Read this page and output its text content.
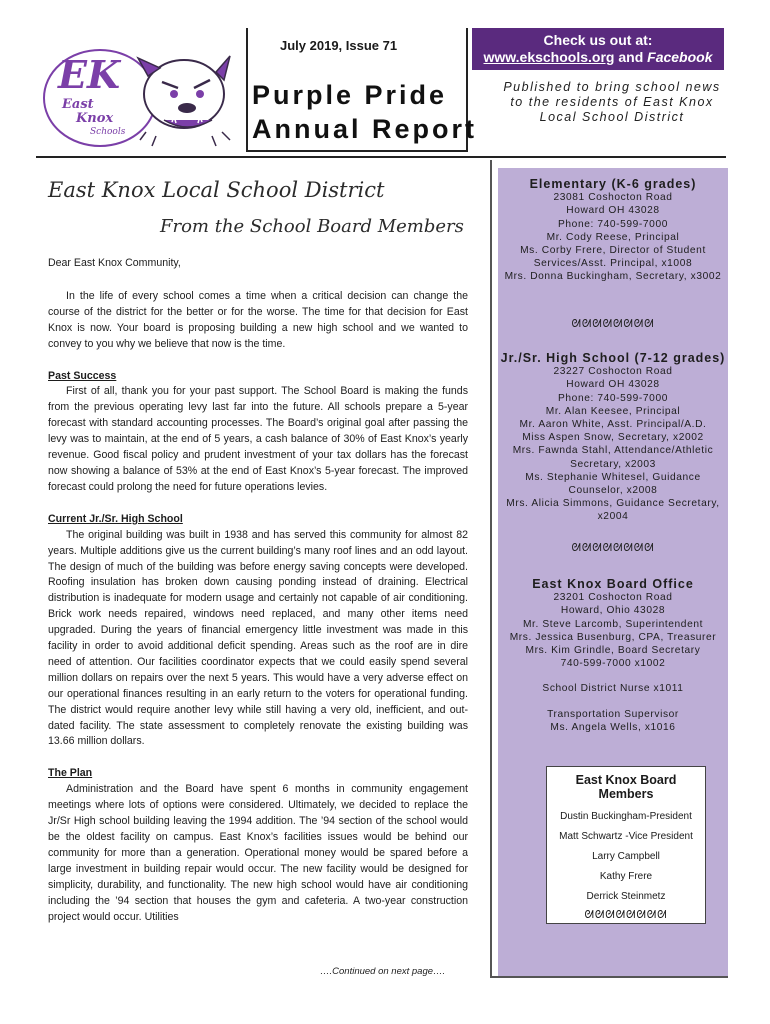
EK
East
Knox
Schools
July 2019, Issue 71
Purple Pride
Annual Report
Check us out at:
www.ekschools.org and Facebook
Published to bring school news to the residents of East Knox Local School District
East Knox Local School District
From the School Board Members

Dear East Knox Community,

In the life of every school comes a time when a critical decision can change the course of the district for the better or for the worse. The time for that decision for East Knox is now. Your board is proposing building a new high school and we wanted to convey to you why we believe that now is the time.

Past Success

First of all, thank you for your past support. The School Board is making the funds from the previous operating levy last far into the future. All schools prepare a 5-year forecast with standard accounting processes. The Board’s original goal after passing the levy was to maintain, at the end of 5 years, a cash balance of 30% of East Knox’s yearly revenue. Good fiscal policy and prudent investment of your tax dollars has the forecast now showing a balance of 53% at the end of East Knox’s 5-year forecast. The improved forecast could prolong the need for future operations levies.

Current Jr./Sr. High School

The original building was built in 1938 and has served this community for almost 82 years. Multiple additions give us the current building’s many roof lines and an odd layout. The design of much of the building was before energy saving concepts were developed. Roofing insulation has broken down causing ponding instead of draining. Electrical distribution is inadequate for modern usage and certainly not capable of air conditioning. Brick work needs repaired, windows need replaced, and many other items need upgraded. During the years of financial emergency little investment was made in this facility in order to avoid additional deficit spending. Areas such as the roof are in dire need of attention. Our facilities coordinator expects that we could easily spend several million dollars on repairs over the next 5 years. This would have a very adverse effect on our operational finances resulting in an early return to the voters for operational funding. The district would require another levy while still having a very old, inefficient, and out-dated facility. The state assessment to completely renovate the existing building was 13.66 million dollars.

The Plan

Administration and the Board have spent 6 months in community engagement meetings where lots of options were considered. Ultimately, we decided to replace the Jr/Sr High school building leaving the 1994 addition. The ’94 section of the school would be the oldest facility on campus. East Knox’s facilities issues would be behind our community for more than a generation. Operational money would be spared before a large investment in building repair would occur. The new facility would be designed for simplicity, durability, and functionality. The new high school would have air conditioning including the ’94 section that houses the gym and cafeteria. A two-year construction project would occur. Utilities

….Continued on next page….

Elementary (K-6 grades)

23081 Coshocton Road

Howard OH 43028

Phone: 740-599-7000

Mr. Cody Reese, Principal

Ms. Corby Frere, Director of Student Services/Asst. Principal, x1008

Mrs. Donna Buckingham, Secretary, x3002

ᘛᘛᘛᘛᘛᘛᘛᘛ

Jr./Sr. High School (7-12 grades)

23227 Coshocton Road

Howard OH 43028

Phone: 740-599-7000

Mr. Alan Keesee, Principal

Mr. Aaron White, Asst. Principal/A.D.

Miss Aspen Snow, Secretary, x2002

Mrs. Fawnda Stahl, Attendance/Athletic Secretary, x2003

Ms. Stephanie Whitesel, Guidance Counselor, x2008

Mrs. Alicia Simmons, Guidance Secretary, x2004

ᘛᘛᘛᘛᘛᘛᘛᘛ

East Knox Board Office

23201 Coshocton Road

Howard, Ohio 43028

Mr. Steve Larcomb, Superintendent

Mrs. Jessica Busenburg, CPA, Treasurer

Mrs. Kim Grindle, Board Secretary

740-599-7000 x1002

School District Nurse x1011

Transportation Supervisor

Ms. Angela Wells, x1016

East Knox Board Members
Dustin Buckingham-President
Matt Schwartz -Vice President
Larry Campbell
Kathy Frere
Derrick Steinmetz
ᘛᘛᘛᘛᘛᘛᘛᘛ
